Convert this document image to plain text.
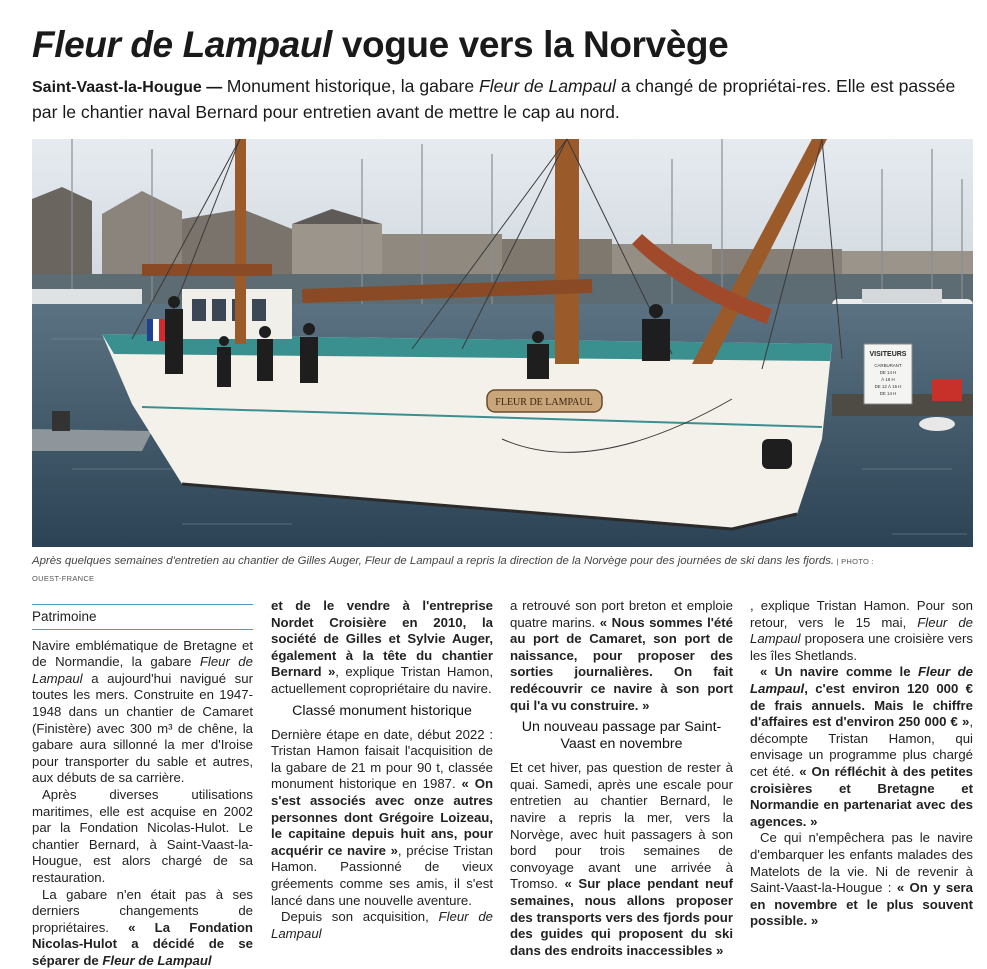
Fleur de Lampaul vogue vers la Norvège
Saint-Vaast-la-Hougue — Monument historique, la gabare Fleur de Lampaul a changé de propriétai-res. Elle est passée par le chantier naval Bernard pour entretien avant de mettre le cap au nord.
VISITEURS
CARBURANT
DE 14 H
À 18 H
DE 12 À 16 H
DE 14 H
FLEUR DE LAMPAUL
Après quelques semaines d'entretien au chantier de Gilles Auger, Fleur de Lampaul a repris la direction de la Norvège pour des journées de ski dans les fjords. | PHOTO :
OUEST-FRANCE
Patrimoine

Navire emblématique de Bretagne et de Normandie, la gabare Fleur de Lampaul a aujourd'hui navigué sur toutes les mers. Construite en 1947-1948 dans un chantier de Camaret (Finistère) avec 300 m³ de chêne, la gabare aura sillonné la mer d'Iroise pour transporter du sable et autres, aux débuts de sa carrière.

Après diverses utilisations maritimes, elle est acquise en 2002 par la Fondation Nicolas-Hulot. Le chantier Bernard, à Saint-Vaast-la-Hougue, est alors chargé de sa restauration.

La gabare n'en était pas à ses derniers changements de propriétaires. « La Fondation Nicolas-Hulot a décidé de se séparer de Fleur de Lampaul

et de le vendre à l'entreprise Nordet Croisière en 2010, la société de Gilles et Sylvie Auger, également à la tête du chantier Bernard », explique Tristan Hamon, actuellement copropriétaire du navire.

Classé monument historique

Dernière étape en date, début 2022 : Tristan Hamon faisait l'acquisition de la gabare de 21 m pour 90 t, classée monument historique en 1987. « On s'est associés avec onze autres personnes dont Grégoire Loizeau, le capitaine depuis huit ans, pour acquérir ce navire », précise Tristan Hamon. Passionné de vieux gréements comme ses amis, il s'est lancé dans une nouvelle aventure.

Depuis son acquisition, Fleur de Lampaul

a retrouvé son port breton et emploie quatre marins. « Nous sommes l'été au port de Camaret, son port de naissance, pour proposer des sorties journalières. On fait redécouvrir ce navire à son port qui l'a vu construire. »

Un nouveau passage par Saint-Vaast en novembre

Et cet hiver, pas question de rester à quai. Samedi, après une escale pour entretien au chantier Bernard, le navire a repris la mer, vers la Norvège, avec huit passagers à son bord pour trois semaines de convoyage avant une arrivée à Tromso. « Sur place pendant neuf semaines, nous allons proposer des transports vers des fjords pour des guides qui proposent du ski dans des endroits inaccessibles »

, explique Tristan Hamon. Pour son retour, vers le 15 mai, Fleur de Lampaul proposera une croisière vers les îles Shetlands.

« Un navire comme le Fleur de Lampaul, c'est environ 120 000 € de frais annuels. Mais le chiffre d'affaires est d'environ 250 000 € », décompte Tristan Hamon, qui envisage un programme plus chargé cet été. « On réfléchit à des petites croisières et Bretagne et Normandie en partenariat avec des agences. »

Ce qui n'empêchera pas le navire d'embarquer les enfants malades des Matelots de la vie. Ni de revenir à Saint-Vaast-la-Hougue : « On y sera en novembre et le plus souvent possible. »
